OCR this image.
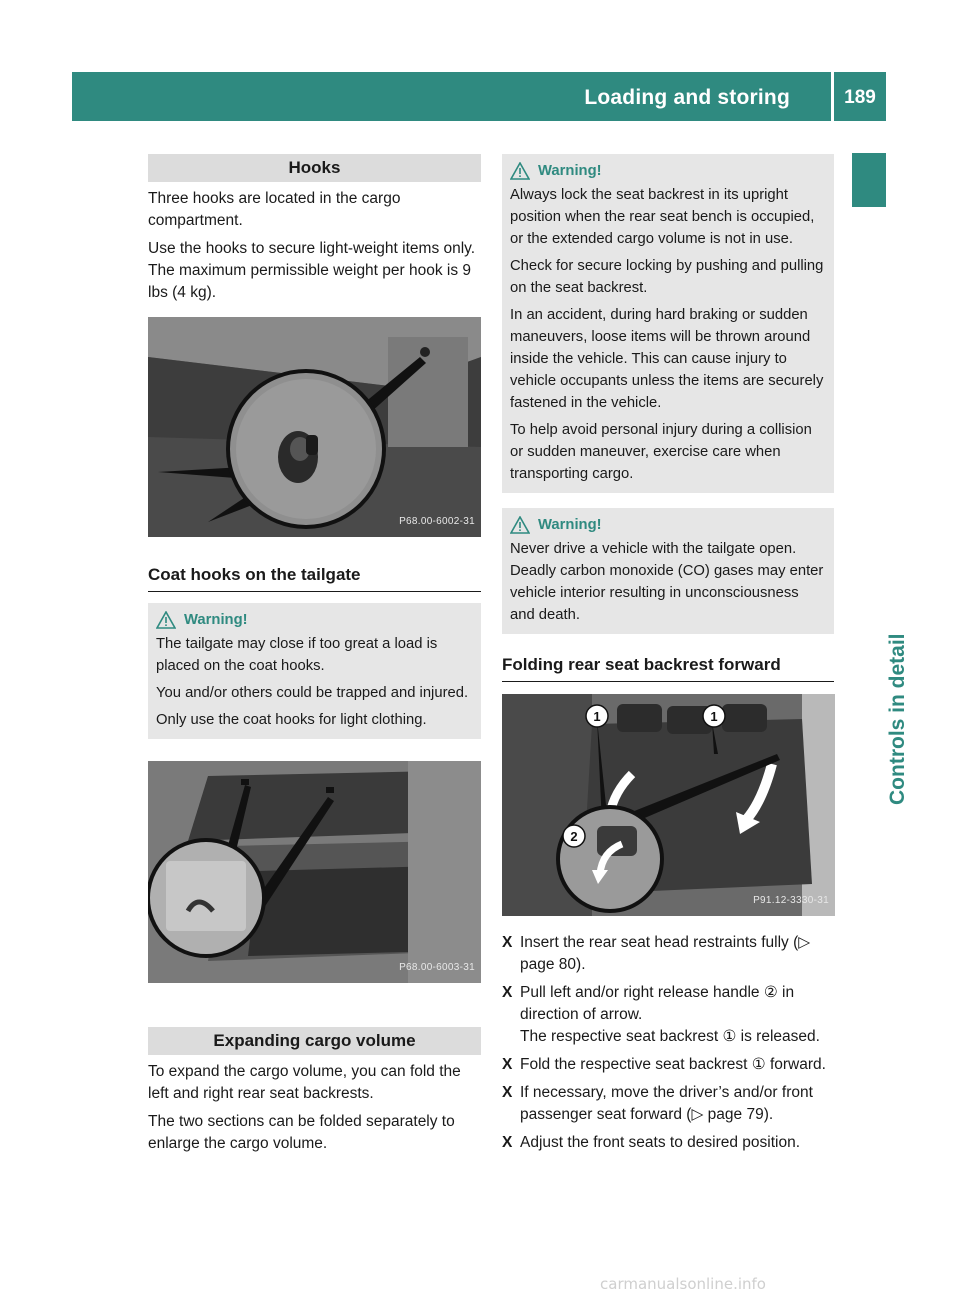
Loading and storing	189
Controls in detail
Hooks

Three hooks are located in the cargo compartment.

Use the hooks to secure light-weight items only. The maximum permissible weight per hook is 9 lbs (4 kg).

P68.00-6002-31
Coat hooks on the tailgate
Warning!

The tailgate may close if too great a load is placed on the coat hooks.

You and/or others could be trapped and injured.

Only use the coat hooks for light clothing.

P68.00-6003-31
Expanding cargo volume

To expand the cargo volume, you can fold the left and right rear seat backrests.

The two sections can be folded separately to enlarge the cargo volume.

Warning!

Always lock the seat backrest in its upright position when the rear seat bench is occupied, or the extended cargo volume is not in use.

Check for secure locking by pushing and pulling on the seat backrest.

In an accident, during hard braking or sudden maneuvers, loose items will be thrown around inside the vehicle. This can cause injury to vehicle occupants unless the items are securely fastened in the vehicle.

To help avoid personal injury during a collision or sudden maneuver, exercise care when transporting cargo.

Warning!

Never drive a vehicle with the tailgate open. Deadly carbon monoxide (CO) gases may enter vehicle interior resulting in unconsciousness and death.

Folding rear seat backrest forward
1	1
2
P91.12-3330-31
X Insert the rear seat head restraints fully (▷ page 80).
X Pull left and/or right release handle ② in direction of arrow.
The respective seat backrest ① is released.
X Fold the respective seat backrest ① forward.
X If necessary, move the driver’s and/or front passenger seat forward (▷ page 79).
X Adjust the front seats to desired position.
carmanualsonline.info
